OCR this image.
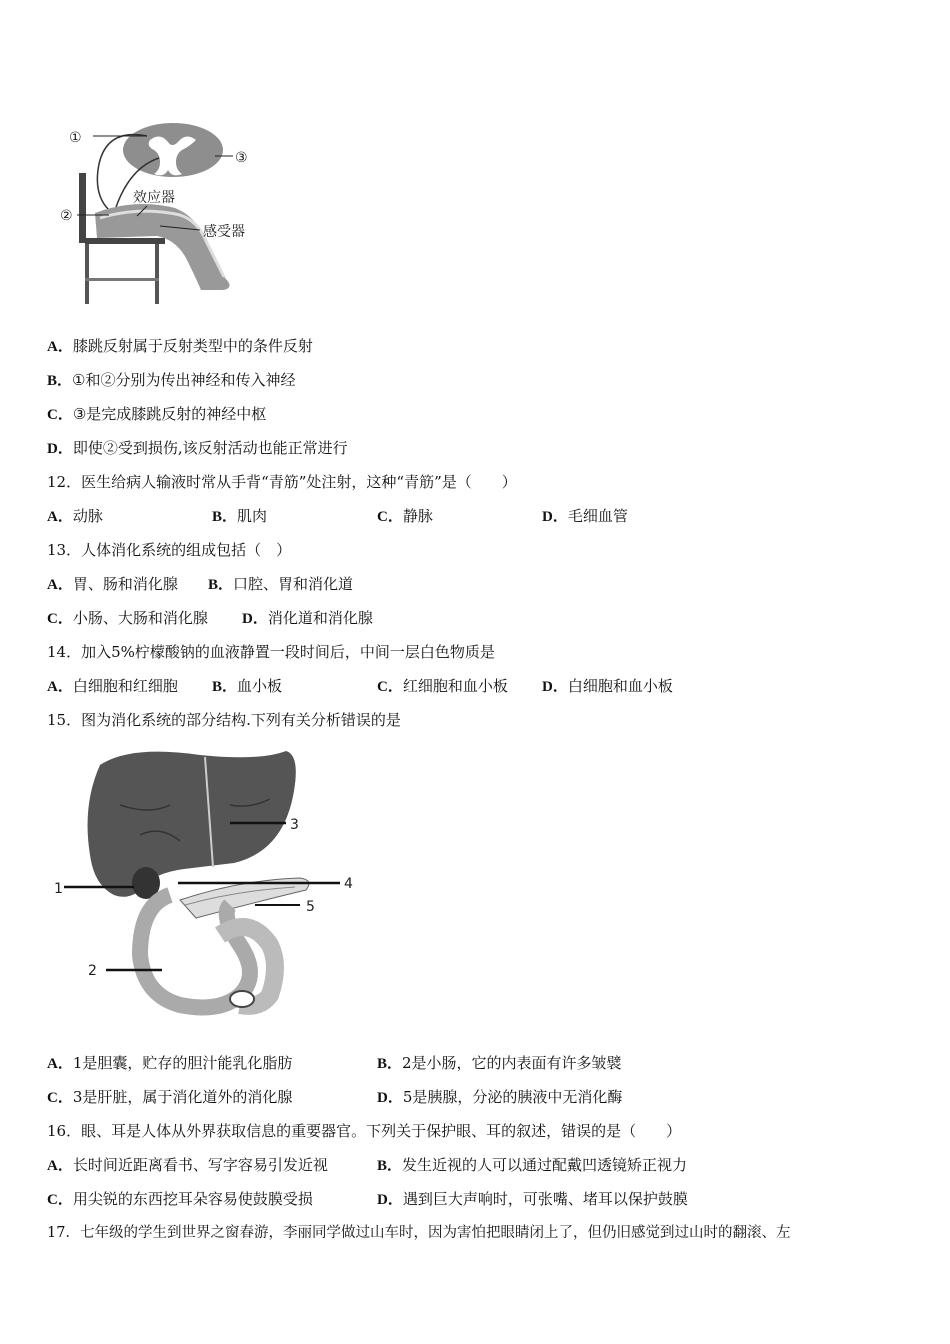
①
③
②
效应器
感受器
A．膝跳反射属于反射类型中的条件反射
B．①和②分别为传出神经和传入神经
C．③是完成膝跳反射的神经中枢
D．即使②受到损伤,该反射活动也能正常进行
12．医生给病人输液时常从手背“青筋”处注射，这种“青筋”是（　　）
A．动脉	B．肌肉	C．静脉	D．毛细血管
13．人体消化系统的组成包括（　）
A．胃、肠和消化腺 B．口腔、胃和消化道
C．小肠、大肠和消化腺 D．消化道和消化腺
14．加入5%柠檬酸钠的血液静置一段时间后，中间一层白色物质是
A．白细胞和红细胞 B．血小板	C．红细胞和血小板 D．白细胞和血小板
15．图为消化系统的部分结构.下列有关分析错误的是
1
2
3
4
5
A．1是胆囊，贮存的胆汁能乳化脂肪	B．2是小肠，它的内表面有许多皱襞
C．3是肝脏，属于消化道外的消化腺	D．5是胰腺，分泌的胰液中无消化酶
16．眼、耳是人体从外界获取信息的重要器官。下列关于保护眼、耳的叙述，错误的是（　　）
A．长时间近距离看书、写字容易引发近视	B．发生近视的人可以通过配戴凹透镜矫正视力
C．用尖锐的东西挖耳朵容易使鼓膜受损	D．遇到巨大声响时，可张嘴、堵耳以保护鼓膜
17．七年级的学生到世界之窗春游，李丽同学做过山车时，因为害怕把眼睛闭上了，但仍旧感觉到过山时的翻滚、左
